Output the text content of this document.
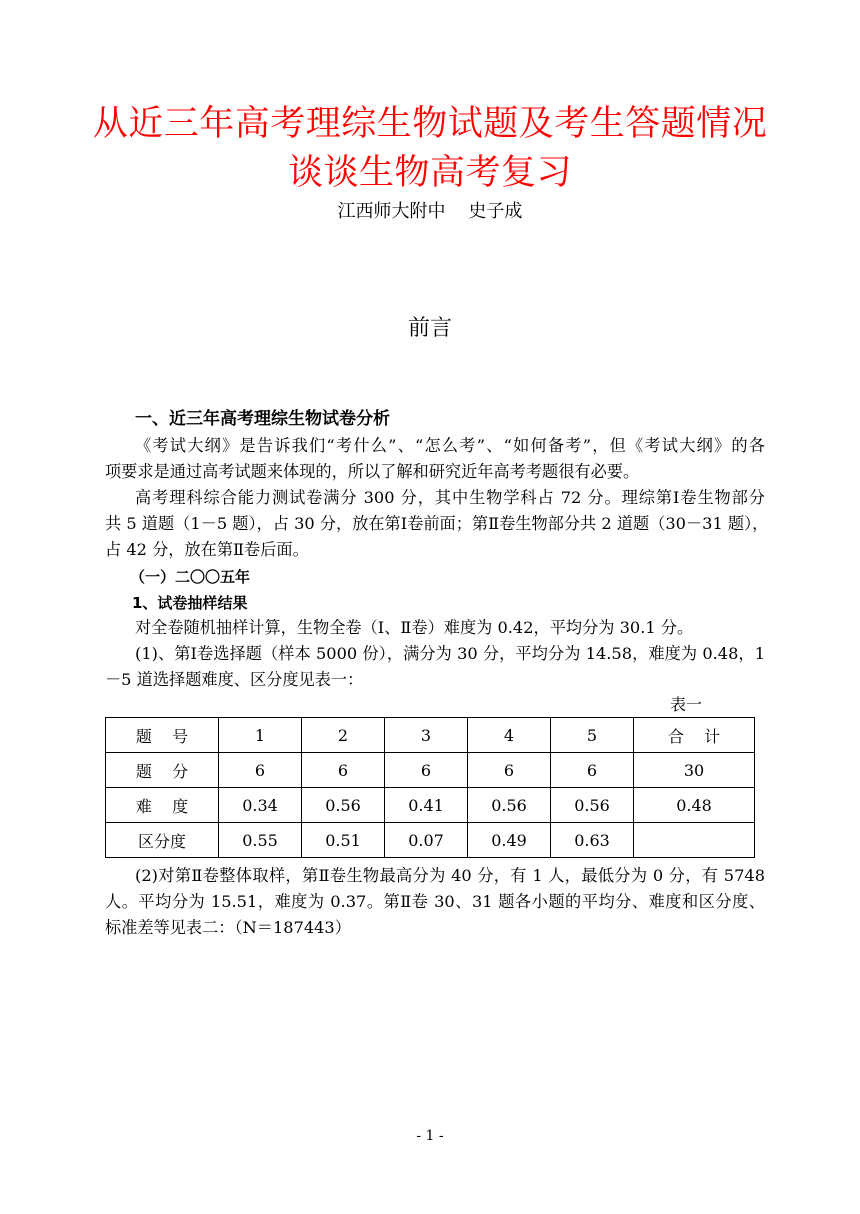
从近三年高考理综生物试题及考生答题情况
谈谈生物高考复习
江西师大附中    史子成
前言
一、近三年高考理综生物试卷分析
《考试大纲》是告诉我们“考什么”、“怎么考”、“如何备考”，但《考试大纲》的各
项要求是通过高考试题来体现的，所以了解和研究近年高考考题很有必要。
高考理科综合能力测试卷满分 300 分，其中生物学科占 72 分。理综第Ⅰ卷生物部分
共 5 道题（1－5 题），占 30 分，放在第Ⅰ卷前面；第Ⅱ卷生物部分共 2 道题（30－31 题），
占 42 分，放在第Ⅱ卷后面。
（一）二〇〇五年
1、试卷抽样结果
对全卷随机抽样计算，生物全卷（Ⅰ、Ⅱ卷）难度为 0.42，平均分为 30.1 分。
(1)、第Ⅰ卷选择题（样本 5000 份），满分为 30 分，平均分为 14.58，难度为 0.48，1
－5 道选择题难度、区分度见表一：
表一
题    号	1	2	3	4	5	合    计
题    分	6	6	6	6	6	30
难    度	0.34	0.56	0.41	0.56	0.56	0.48
区分度	0.55	0.51	0.07	0.49	0.63	
(2)对第Ⅱ卷整体取样，第Ⅱ卷生物最高分为 40 分，有 1 人，最低分为 0 分，有 5748
人。平均分为 15.51，难度为 0.37。第Ⅱ卷 30、31 题各小题的平均分、难度和区分度、
标准差等见表二：（N＝187443）
- 1 -
